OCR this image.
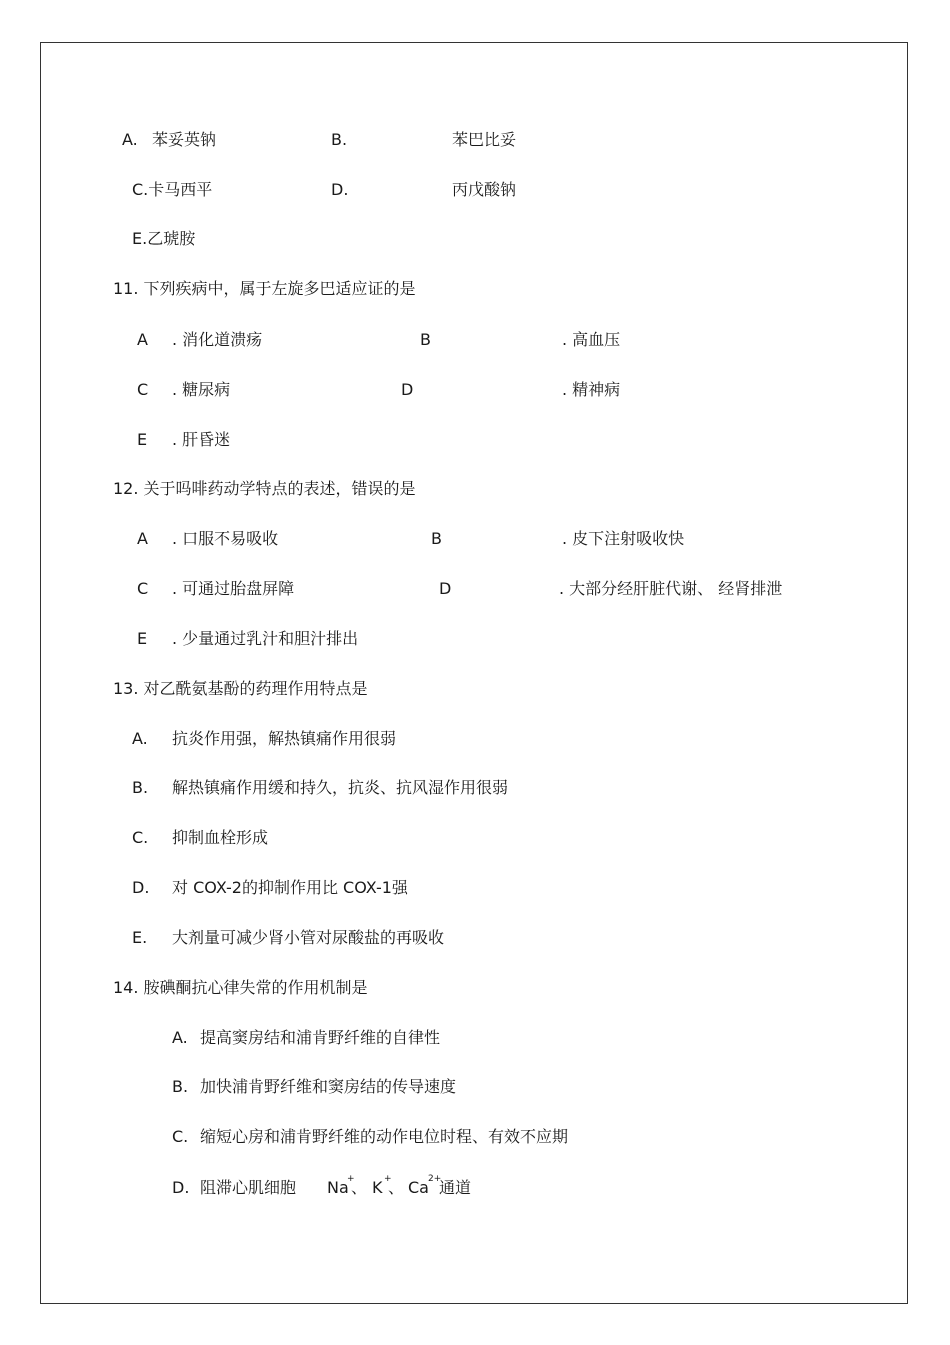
A. 苯妥英钠	B.	苯巴比妥
C.卡马西平	D.	丙戊酸钠
E.乙琥胺
11. 下列疾病中，属于左旋多巴适应证的是
A . 消化道溃疡	B	. 高血压
C . 糖尿病	D	. 精神病
E . 肝昏迷
12. 关于吗啡药动学特点的表述，错误的是
A . 口服不易吸收	B	. 皮下注射吸收快
C . 可通过胎盘屏障	D	. 大部分经肝脏代谢、 经肾排泄
E . 少量通过乳汁和胆汁排出
13. 对乙酰氨基酚的药理作用特点是
A. 抗炎作用强，解热镇痛作用很弱
B. 解热镇痛作用缓和持久，抗炎、抗风湿作用很弱
C. 抑制血栓形成
D. 对 COX-2的抑制作用比 COX-1强
E. 大剂量可减少肾小管对尿酸盐的再吸收
14. 胺碘酮抗心律失常的作用机制是
A. 提高窦房结和浦肯野纤维的自律性
B. 加快浦肯野纤维和窦房结的传导速度
C. 缩短心房和浦肯野纤维的动作电位时程、有效不应期
D. 阻滞心肌细胞 Na
+
、 K +
、 Ca 2+
通道
